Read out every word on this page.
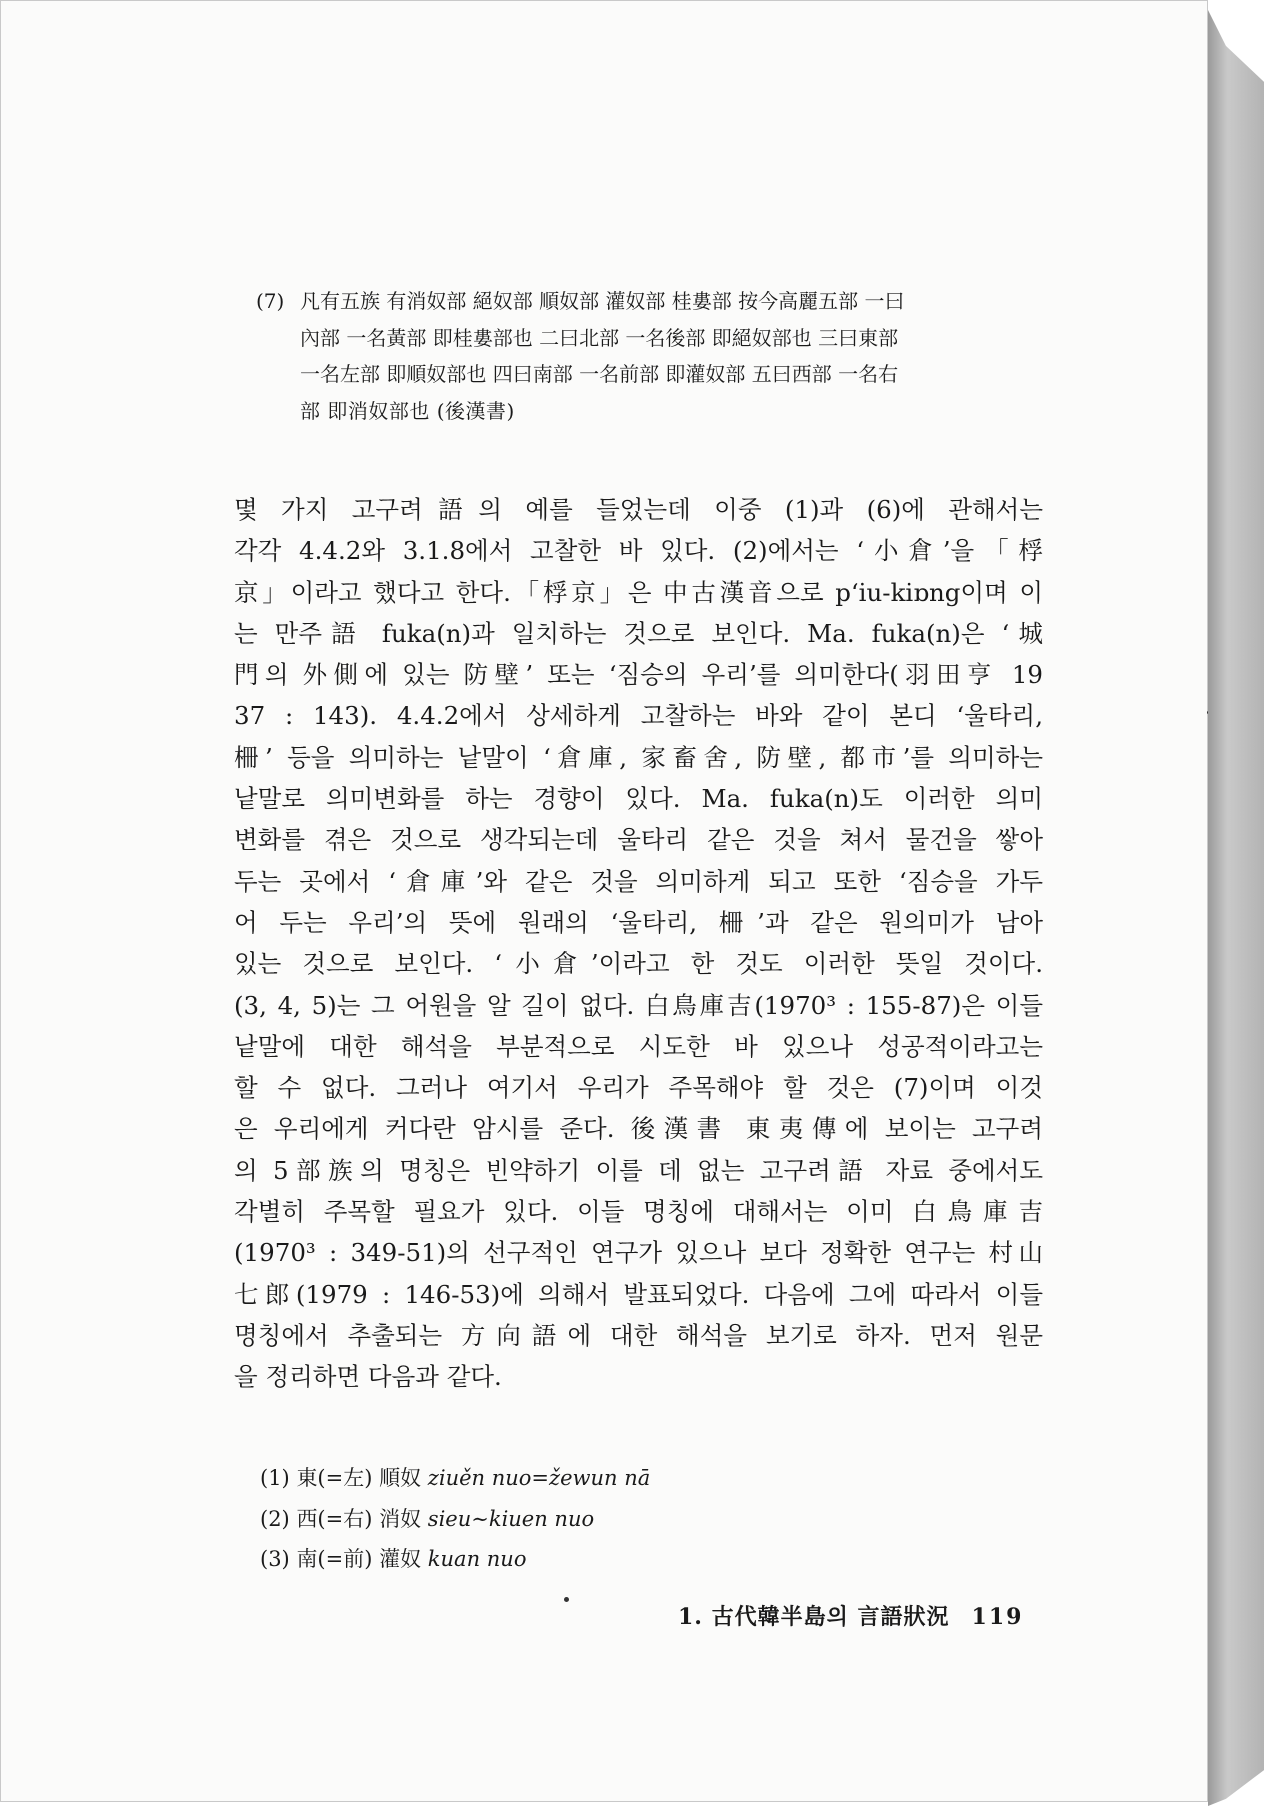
(7) 凡有五族 有消奴部 絕奴部 順奴部 灌奴部 桂婁部 按今高麗五部 一曰
內部 一名黃部 即桂婁部也 二曰北部 一名後部 即絕奴部也 三曰東部
一名左部 即順奴部也 四曰南部 一名前部 即灌奴部 五曰西部 一名右
部 即消奴部也 (後漢書)
몇 가지 고구려語의 예를 들었는데 이중 (1)과 (6)에 관해서는
각각 4.4.2와 3.1.8에서 고찰한 바 있다. (2)에서는 ‘小倉’을「桴
京」이라고 했다고 한다.「桴京」은 中古漢音으로 p‘iu-kiɒng이며 이
는 만주語 fuka(n)과 일치하는 것으로 보인다. Ma. fuka(n)은 ‘城
門의 外側에 있는 防壁’ 또는 ‘짐승의 우리’를 의미한다(羽田亨 19
37 : 143). 4.4.2에서 상세하게 고찰하는 바와 같이 본디 ‘울타리,
柵’ 등을 의미하는 낱말이 ‘倉庫, 家畜舍, 防壁, 都市’를 의미하는
낱말로 의미변화를 하는 경향이 있다. Ma. fuka(n)도 이러한 의미
변화를 겪은 것으로 생각되는데 울타리 같은 것을 쳐서 물건을 쌓아
두는 곳에서 ‘倉庫’와 같은 것을 의미하게 되고 또한 ‘짐승을 가두
어 두는 우리’의 뜻에 원래의 ‘울타리, 柵’과 같은 원의미가 남아
있는 것으로 보인다. ‘小倉’이라고 한 것도 이러한 뜻일 것이다.
(3, 4, 5)는 그 어원을 알 길이 없다. 白鳥庫吉(1970³ : 155-87)은 이들
낱말에 대한 해석을 부분적으로 시도한 바 있으나 성공적이라고는
할 수 없다. 그러나 여기서 우리가 주목해야 할 것은 (7)이며 이것
은 우리에게 커다란 암시를 준다. 後漢書 東夷傳에 보이는 고구려
의 5部族의 명칭은 빈약하기 이를 데 없는 고구려語 자료 중에서도
각별히 주목할 필요가 있다. 이들 명칭에 대해서는 이미 白鳥庫吉
(1970³ : 349-51)의 선구적인 연구가 있으나 보다 정확한 연구는 村山
七郎(1979 : 146-53)에 의해서 발표되었다. 다음에 그에 따라서 이들
명칭에서 추출되는 方向語에 대한 해석을 보기로 하자. 먼저 원문
을 정리하면 다음과 같다.
(1) 東(=左) 順奴 ziuěn nuo=žewun nā
(2) 西(=右) 消奴 sieu∼kiuen nuo
(3) 南(=前) 灌奴 kuan nuo
1. 古代韓半島의 言語狀況 119
